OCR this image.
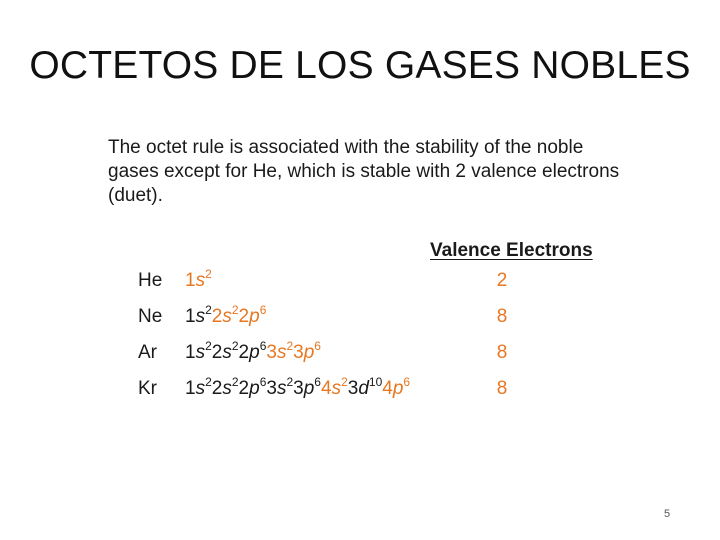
OCTETOS DE LOS GASES NOBLES
The octet rule is associated with the stability of the noble gases except for He, which is stable with 2 valence electrons (duet).
Valence Electrons
He $1s^2$	2
Ne $1s^22s^22p^6$	8
Ar $1s^22s^22p^63s^23p^6$	8
Kr $1s^22s^22p^63s^23p^64s^23d^{10}4p^6$	8
5
